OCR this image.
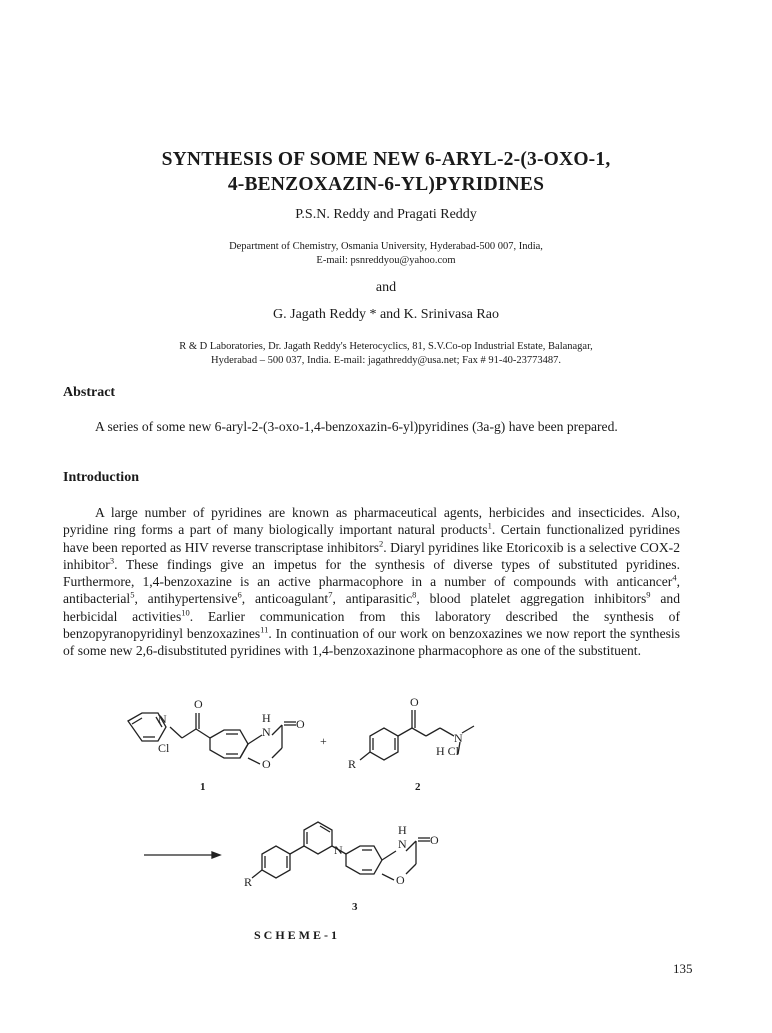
SYNTHESIS OF SOME NEW 6-ARYL-2-(3-OXO-1,
4-BENZOXAZIN-6-YL)PYRIDINES
P.S.N. Reddy and Pragati Reddy
Department of Chemistry, Osmania University, Hyderabad-500 007, India,
E-mail: psnreddyou@yahoo.com
and
G. Jagath Reddy * and K. Srinivasa Rao
R & D Laboratories, Dr. Jagath Reddy's Heterocyclics, 81, S.V.Co-op Industrial Estate, Balanagar,
Hyderabad – 500 037, India. E-mail: jagathreddy@usa.net; Fax # 91-40-23773487.
Abstract

A series of some new 6-aryl-2-(3-oxo-1,4-benzoxazin-6-yl)pyridines (3a-g) have been prepared.

Introduction

A large number of pyridines are known as pharmaceutical agents, herbicides and insecticides. Also, pyridine ring forms a part of many biologically important natural products$^1$. Certain functionalized pyridines have been reported as HIV reverse transcriptase inhibitors$^2$. Diaryl pyridines like Etoricoxib is a selective COX-2 inhibitor$^3$. These findings give an impetus for the synthesis of diverse types of substituted pyridines. Furthermore, 1,4-benzoxazine is an active pharmacophore in a number of compounds with anticancer$^4$, antibacterial$^5$, antihypertensive$^6$, anticoagulant$^7$, antiparasitic$^8$, blood platelet aggregation inhibitors$^9$ and herbicidal activities$^{10}$. Earlier communication from this laboratory described the synthesis of benzopyranopyridinyl benzoxazines$^{11}$. In continuation of our work on benzoxazines we now report the synthesis of some new 2,6-disubstituted pyridines with 1,4-benzoxazinone pharmacophore as one of the substituent.

O
H
N
O
O
N
Cl	+
O
N
H Cl
R
N
H
N O
O
R
1	2
3
SCHEME-1
135
